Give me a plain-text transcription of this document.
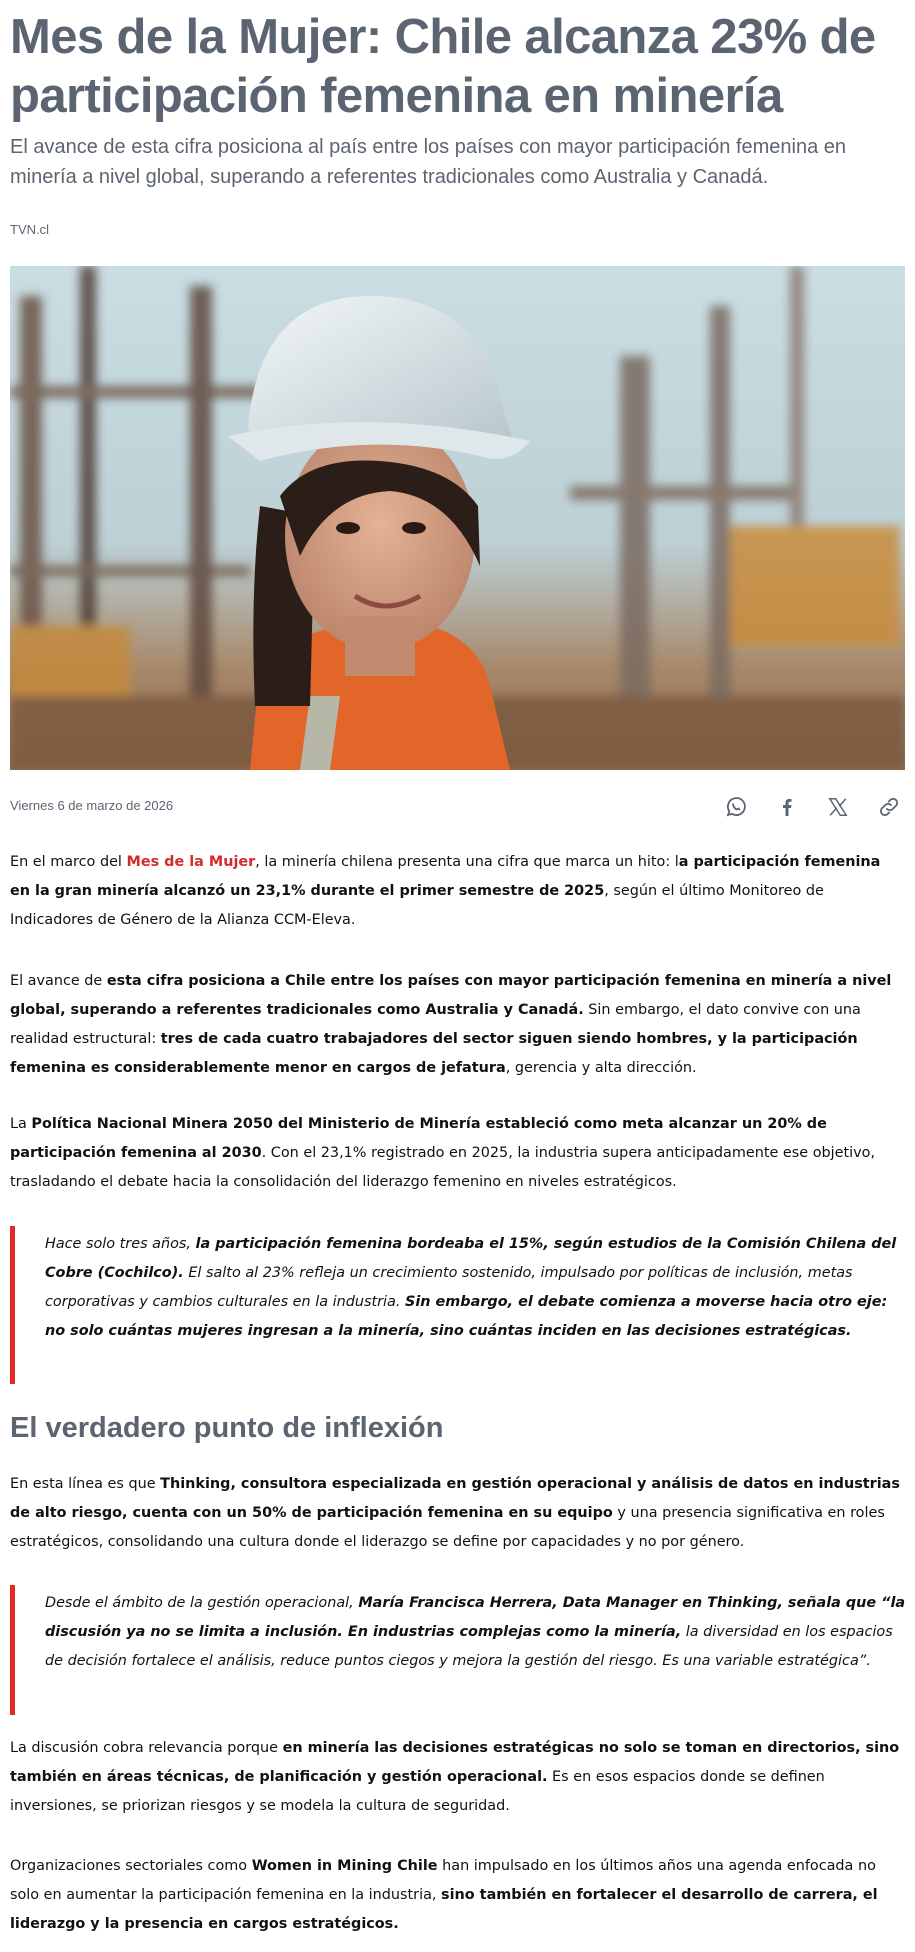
Mes de la Mujer: Chile alcanza 23% de participación femenina en minería

El avance de esta cifra posiciona al país entre los países con mayor participación femenina en minería a nivel global, superando a referentes tradicionales como Australia y Canadá.

TVN.cl

Viernes 6 de marzo de 2026

En el marco del Mes de la Mujer, la minería chilena presenta una cifra que marca un hito: la participación femenina en la gran minería alcanzó un 23,1% durante el primer semestre de 2025, según el último Monitoreo de Indicadores de Género de la Alianza CCM-Eleva.

El avance de esta cifra posiciona a Chile entre los países con mayor participación femenina en minería a nivel global, superando a referentes tradicionales como Australia y Canadá. Sin embargo, el dato convive con una realidad estructural: tres de cada cuatro trabajadores del sector siguen siendo hombres, y la participación femenina es considerablemente menor en cargos de jefatura, gerencia y alta dirección.

La Política Nacional Minera 2050 del Ministerio de Minería estableció como meta alcanzar un 20% de participación femenina al 2030. Con el 23,1% registrado en 2025, la industria supera anticipadamente ese objetivo, trasladando el debate hacia la consolidación del liderazgo femenino en niveles estratégicos.

Hace solo tres años, la participación femenina bordeaba el 15%, según estudios de la Comisión Chilena del Cobre (Cochilco). El salto al 23% refleja un crecimiento sostenido, impulsado por políticas de inclusión, metas corporativas y cambios culturales en la industria. Sin embargo, el debate comienza a moverse hacia otro eje: no solo cuántas mujeres ingresan a la minería, sino cuántas inciden en las decisiones estratégicas.

El verdadero punto de inflexión

En esta línea es que Thinking, consultora especializada en gestión operacional y análisis de datos en industrias de alto riesgo, cuenta con un 50% de participación femenina en su equipo y una presencia significativa en roles estratégicos, consolidando una cultura donde el liderazgo se define por capacidades y no por género.

Desde el ámbito de la gestión operacional, María Francisca Herrera, Data Manager en Thinking, señala que “la discusión ya no se limita a inclusión. En industrias complejas como la minería, la diversidad en los espacios de decisión fortalece el análisis, reduce puntos ciegos y mejora la gestión del riesgo. Es una variable estratégica”.

La discusión cobra relevancia porque en minería las decisiones estratégicas no solo se toman en directorios, sino también en áreas técnicas, de planificación y gestión operacional. Es en esos espacios donde se definen inversiones, se priorizan riesgos y se modela la cultura de seguridad.

Organizaciones sectoriales como Women in Mining Chile han impulsado en los últimos años una agenda enfocada no solo en aumentar la participación femenina en la industria, sino también en fortalecer el desarrollo de carrera, el liderazgo y la presencia en cargos estratégicos.
